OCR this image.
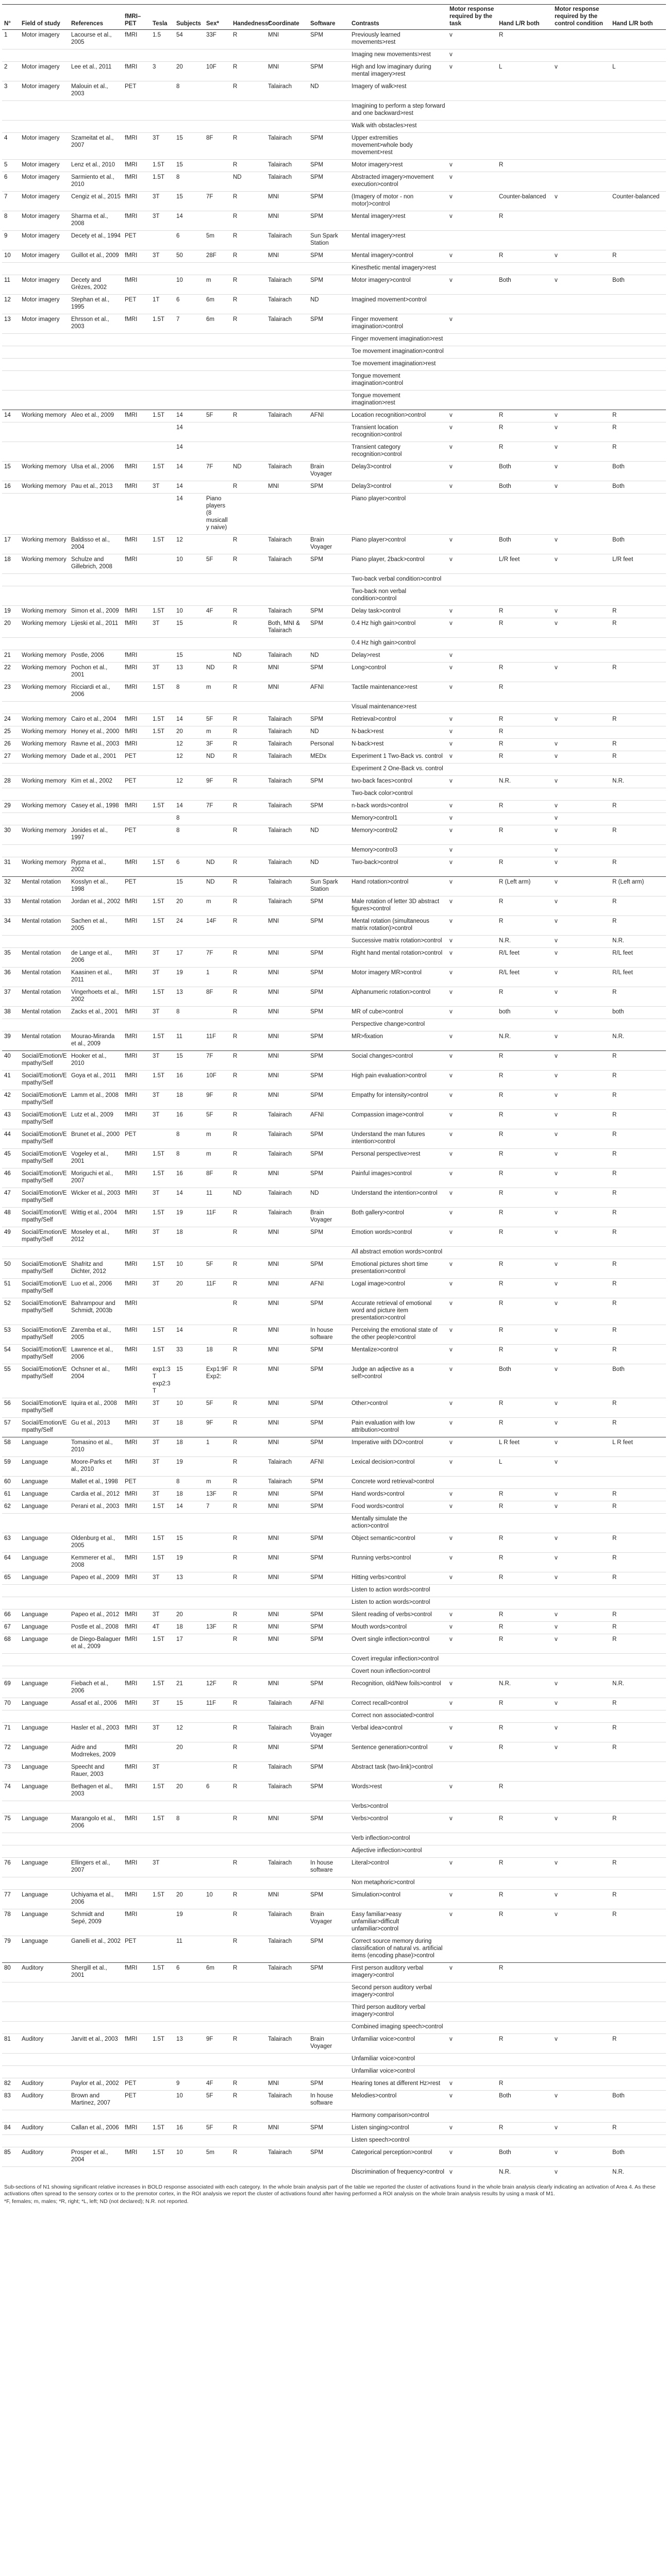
N°	Field of study	References	fMRI–PET	Tesla	Subjects	Sex*	Handedness*	Coordinate	Software	Contrasts	Motor response required by the task	Hand L/R both	Motor response required by the control condition	Hand L/R both
1	Motor imagery	Lacourse et al., 2005	fMRI	1.5	54	33F	R	MNI	SPM	Previously learned movements>rest	v	R		
										Imaging new movements>rest	v			
2	Motor imagery	Lee et al., 2011	fMRI	3	20	10F	R	MNI	SPM	High and low imaginary during mental imagery>rest	v	L	v	L
3	Motor imagery	Malouin et al., 2003	PET		8		R	Talairach	ND	Imagery of walk>rest				
										Imagining to perform a step forward and one backward>rest				
										Walk with obstacles>rest				
4	Motor imagery	Szameitat et al., 2007	fMRI	3T	15	8F	R	Talairach	SPM	Upper extremities movement>whole body movement>rest				
5	Motor imagery	Lenz et al., 2010	fMRI	1.5T	15		R	Talairach	SPM	Motor imagery>rest	v	R		
6	Motor imagery	Sarmiento et al., 2010	fMRI	1.5T	8		ND	Talairach	SPM	Abstracted imagery>movement execution>control	v			
7	Motor imagery	Cengiz et al., 2015	fMRI	3T	15	7F	R	MNI	SPM	(Imagery of motor - non motor)>control	v	Counter-balanced	v	Counter-balanced
8	Motor imagery	Sharma et al., 2008	fMRI	3T	14		R	MNI	SPM	Mental imagery>rest	v	R		
9	Motor imagery	Decety et al., 1994	PET		6	5m	R	Talairach	Sun Spark Station	Mental imagery>rest				
10	Motor imagery	Guillot et al., 2009	fMRI	3T	50	28F	R	MNI	SPM	Mental imagery>control	v	R	v	R
										Kinesthetic mental imagery>rest				
11	Motor imagery	Decety and Grèzes, 2002	fMRI		10	m	R	Talairach	SPM	Motor imagery>control	v	Both	v	Both
12	Motor imagery	Stephan et al., 1995	PET	1T	6	6m	R	Talairach	ND	Imagined movement>control				
13	Motor imagery	Ehrsson et al., 2003	fMRI	1.5T	7	6m	R	Talairach	SPM	Finger movement imagination>control	v			
										Finger movement imagination>rest				
										Toe movement imagination>control				
										Toe movement imagination>rest				
										Tongue movement imagination>control				
										Tongue movement imagination>rest				
14	Working memory	Aleo et al., 2009	fMRI	1.5T	14	5F	R	Talairach	AFNI	Location recognition>control	v	R	v	R
					14					Transient location recognition>control	v	R	v	R
					14					Transient category recognition>control	v	R	v	R
15	Working memory	Ulsa et al., 2006	fMRI	1.5T	14	7F	ND	Talairach	Brain Voyager	Delay3>control	v	Both	v	Both
16	Working memory	Pau et al., 2013	fMRI	3T	14		R	MNI	SPM	Delay3>control	v	Both	v	Both
					14	Piano players (8 musically naive)				Piano player>control				
17	Working memory	Baldisso et al., 2004	fMRI	1.5T	12		R	Talairach	Brain Voyager	Piano player>control	v	Both	v	Both
18	Working memory	Schulze and Gillebrich, 2008	fMRI		10	5F	R	Talairach	SPM	Piano player, 2back>control	v	L/R feet	v	L/R feet
										Two-back verbal condition>control				
										Two-back non verbal condition>control				
19	Working memory	Simon et al., 2009	fMRI	1.5T	10	4F	R	Talairach	SPM	Delay task>control	v	R	v	R
20	Working memory	Lijeski et al., 2011	fMRI	3T	15		R	Both, MNI & Talairach	SPM	0.4 Hz high gain>control	v	R	v	R
										0.4 Hz high gain>control				
21	Working memory	Postle, 2006	fMRI		15		ND	Talairach	ND	Delay>rest	v			
22	Working memory	Pochon et al., 2001	fMRI	3T	13	ND	R	MNI	SPM	Long>control	v	R	v	R
23	Working memory	Ricciardi et al., 2006	fMRI	1.5T	8	m	R	MNI	AFNI	Tactile maintenance>rest	v	R		
										Visual maintenance>rest				
24	Working memory	Cairo et al., 2004	fMRI	1.5T	14	5F	R	Talairach	SPM	Retrieval>control	v	R	v	R
25	Working memory	Honey et al., 2000	fMRI	1.5T	20	m	R	Talairach	ND	N-back>rest	v	R		
26	Working memory	Ravne et al., 2003	fMRI		12	3F	R	Talairach	Personal	N-back>rest	v	R	v	R
27	Working memory	Dade et al., 2001	PET		12	ND	R	Talairach	MEDx	Experiment 1 Two-Back vs. control	v	R	v	R
										Experiment 2 One-Back vs. control				
28	Working memory	Kim et al., 2002	PET		12	9F	R	Talairach	SPM	two-back faces>control	v	N.R.	v	N.R.
										Two-back color>control				
29	Working memory	Casey et al., 1998	fMRI	1.5T	14	7F	R	Talairach	SPM	n-back words>control	v	R	v	R
					8					Memory>control1	v		v	
30	Working memory	Jonides et al., 1997	PET		8		R	Talairach	ND	Memory>control2	v	R	v	R
										Memory>control3	v		v	
31	Working memory	Rypma et al., 2002	fMRI	1.5T	6	ND	R	Talairach	ND	Two-back>control	v	R	v	R
32	Mental rotation	Kosslyn et al., 1998	PET		15	ND	R	Talairach	Sun Spark Station	Hand rotation>control	v	R (Left arm)	v	R (Left arm)
33	Mental rotation	Jordan et al., 2002	fMRI	1.5T	20	m	R	Talairach	SPM	Male rotation of letter 3D abstract figures>control	v	R	v	R
34	Mental rotation	Sachen et al., 2005	fMRI	1.5T	24	14F	R	MNI	SPM	Mental rotation (simultaneous matrix rotation)>control	v	R	v	R
										Successive matrix rotation>control	v	N.R.	v	N.R.
35	Mental rotation	de Lange et al., 2006	fMRI	3T	17	7F	R	MNI	SPM	Right hand mental rotation>control	v	R/L feet	v	R/L feet
36	Mental rotation	Kaasinen et al., 2011	fMRI	3T	19	1	R	MNI	SPM	Motor imagery MR>control	v	R/L feet	v	R/L feet
37	Mental rotation	Vingerhoets et al., 2002	fMRI	1.5T	13	8F	R	MNI	SPM	Alphanumeric rotation>control	v	R	v	R
38	Mental rotation	Zacks et al., 2001	fMRI	3T	8		R	MNI	SPM	MR of cube>control	v	both	v	both
										Perspective change>control				
39	Mental rotation	Mourao-Miranda et al., 2009	fMRI	1.5T	11	11F	R	MNI	SPM	MR>fixation	v	N.R.	v	N.R.
40	Social/Emotion/Empathy/Self	Hooker et al., 2010	fMRI	3T	15	7F	R	MNI	SPM	Social changes>control	v	R	v	R
41	Social/Emotion/Empathy/Self	Goya et al., 2011	fMRI	1.5T	16	10F	R	MNI	SPM	High pain evaluation>control	v	R	v	R
42	Social/Emotion/Empathy/Self	Lamm et al., 2008	fMRI	3T	18	9F	R	MNI	SPM	Empathy for intensity>control	v	R	v	R
43	Social/Emotion/Empathy/Self	Lutz et al., 2009	fMRI	3T	16	5F	R	Talairach	AFNI	Compassion image>control	v	R	v	R
44	Social/Emotion/Empathy/Self	Brunet et al., 2000	PET		8	m	R	Talairach	SPM	Understand the man futures intention>control	v	R	v	R
45	Social/Emotion/Empathy/Self	Vogeley et al., 2001	fMRI	1.5T	8	m	R	Talairach	SPM	Personal perspective>rest	v	R	v	R
46	Social/Emotion/Empathy/Self	Moriguchi et al., 2007	fMRI	1.5T	16	8F	R	MNI	SPM	Painful images>control	v	R	v	R
47	Social/Emotion/Empathy/Self	Wicker et al., 2003	fMRI	3T	14	11	ND	Talairach	ND	Understand the intention>control	v	R	v	R
48	Social/Emotion/Empathy/Self	Wittig et al., 2004	fMRI	1.5T	19	11F	R	Talairach	Brain Voyager	Both gallery>control	v	R	v	R
49	Social/Emotion/Empathy/Self	Moseley et al., 2012	fMRI	3T	18		R	MNI	SPM	Emotion words>control	v	R	v	R
										All abstract emotion words>control				
50	Social/Emotion/Empathy/Self	Shafritz and Dichter, 2012	fMRI	1.5T	10	5F	R	MNI	SPM	Emotional pictures short time presentation>control	v	R	v	R
51	Social/Emotion/Empathy/Self	Luo et al., 2006	fMRI	3T	20	11F	R	MNI	AFNI	Logal image>control	v	R	v	R
52	Social/Emotion/Empathy/Self	Bahrampour and Schmidt, 2003b	fMRI				R	MNI	SPM	Accurate retrieval of emotional word and picture item presentation>control	v	R	v	R
53	Social/Emotion/Empathy/Self	Zaremba et al., 2005	fMRI	1.5T	14		R	MNI	In house software	Perceiving the emotional state of the other people>control	v	R	v	R
54	Social/Emotion/Empathy/Self	Lawrence et al., 2006	fMRI	1.5T	33	18	R	MNI	SPM	Mentalize>control	v	R	v	R
55	Social/Emotion/Empathy/Self	Ochsner et al., 2004	fMRI	exp1:3T exp2:3T	15	Exp1:9F Exp2:	R	MNI	SPM	Judge an adjective as a self>control	v	Both	v	Both
56	Social/Emotion/Empathy/Self	Iquira et al., 2008	fMRI	3T	10	5F	R	MNI	SPM	Other>control	v	R	v	R
57	Social/Emotion/Empathy/Self	Gu et al., 2013	fMRI	3T	18	9F	R	MNI	SPM	Pain evaluation with low attribution>control	v	R	v	R
58	Language	Tomasino et al., 2010	fMRI	3T	18	1	R	MNI	SPM	Imperative with DO>control	v	L R feet	v	L R feet
59	Language	Moore-Parks et al., 2010	fMRI	3T	19		R	Talairach	AFNI	Lexical decision>control	v	L	v	
60	Language	Mallet et al., 1998	PET		8	m	R	Talairach	SPM	Concrete word retrieval>control				
61	Language	Cardia et al., 2012	fMRI	3T	18	13F	R	MNI	SPM	Hand words>control	v	R	v	R
62	Language	Perani et al., 2003	fMRI	1.5T	14	7	R	MNI	SPM	Food words>control	v	R	v	R
										Mentally simulate the action>control				
63	Language	Oldenburg et al., 2005	fMRI	1.5T	15		R	MNI	SPM	Object semantic>control	v	R	v	R
64	Language	Kemmerer et al., 2008	fMRI	1.5T	19		R	MNI	SPM	Running verbs>control	v	R	v	R
65	Language	Papeo et al., 2009	fMRI	3T	13		R	MNI	SPM	Hitting verbs>control	v	R	v	R
										Listen to action words>control				
										Listen to action words>control				
66	Language	Papeo et al., 2012	fMRI	3T	20		R	MNI	SPM	Silent reading of verbs>control	v	R	v	R
67	Language	Postle et al., 2008	fMRI	4T	18	13F	R	MNI	SPM	Mouth words>control	v	R	v	R
68	Language	de Diego-Balaguer et al., 2009	fMRI	1.5T	17		R	MNI	SPM	Overt single inflection>control	v	R	v	R
										Covert irregular inflection>control				
										Covert noun inflection>control				
69	Language	Fiebach et al., 2006	fMRI	1.5T	21	12F	R	MNI	SPM	Recognition, old/New foils>control	v	N.R.	v	N.R.
70	Language	Assaf et al., 2006	fMRI	3T	15	11F	R	Talairach	AFNI	Correct recall>control	v	R	v	R
										Correct non associated>control				
71	Language	Hasler et al., 2003	fMRI	3T	12		R	Talairach	Brain Voyager	Verbal idea>control	v	R	v	R
72	Language	Aidre and Modrrekes, 2009	fMRI		20		R	MNI	SPM	Sentence generation>control	v	R	v	R
73	Language	Speecht and Rauer, 2003	fMRI	3T			R	Talairach	SPM	Abstract task (two-link)>control				
74	Language	Bethagen et al., 2003	fMRI	1.5T	20	6	R	Talairach	SPM	Words>rest	v	R		
										Verbs>control				
75	Language	Marangolo et al., 2006	fMRI	1.5T	8		R	MNI	SPM	Verbs>control	v	R	v	R
										Verb inflection>control				
										Adjective inflection>control				
76	Language	Ellingers et al., 2007	fMRI	3T			R	Talairach	In house software	Literal>control	v	R	v	R
										Non metaphoric>control				
77	Language	Uchiyama et al., 2006	fMRI	1.5T	20	10	R	MNI	SPM	Simulation>control	v	R	v	R
78	Language	Schmidt and Sepé, 2009	fMRI		19		R	Talairach	Brain Voyager	Easy familiar>easy unfamiliar>difficult unfamiliar>control	v	R	v	R
79	Language	Ganelli et al., 2002	PET		11		R	Talairach	SPM	Correct source memory during classification of natural vs. artificial items (encoding phase)>control				
80	Auditory	Shergill et al., 2001	fMRI	1.5T	6	6m	R	Talairach	SPM	First person auditory verbal imagery>control	v	R		
										Second person auditory verbal imagery>control				
										Third person auditory verbal imagery>control				
										Combined imaging speech>control				
81	Auditory	Jarvitt et al., 2003	fMRI	1.5T	13	9F	R	Talairach	Brain Voyager	Unfamiliar voice>control	v	R	v	R
										Unfamiliar voice>control				
										Unfamiliar voice>control				
82	Auditory	Paylor et al., 2002	PET		9	4F	R	MNI	SPM	Hearing tones at different Hz>rest	v	R		
83	Auditory	Brown and Martinez, 2007	PET		10	5F	R	Talairach	In house software	Melodies>control	v	Both	v	Both
										Harmony comparison>control				
84	Auditory	Callan et al., 2006	fMRI	1.5T	16	5F	R	MNI	SPM	Listen singing>control	v	R	v	R
										Listen speech>control				
85	Auditory	Prosper et al., 2004	fMRI	1.5T	10	5m	R	Talairach	SPM	Categorical perception>control	v	Both	v	Both
										Discrimination of frequency>control	v	N.R.	v	N.R.
Sub-sections of N1 showing significant relative increases in BOLD response associated with each category. In the whole brain analysis part of the table we reported the cluster of activations found in the whole brain analysis clearly indicating an activation of Area 4. As these activations often spread to the sensory cortex or to the premotor cortex, in the ROI analysis we report the cluster of activations found after having performed a ROI analysis on the whole brain analysis results by using a mask of M1.
*F, females; m, males; *R, right; *L, left; ND (not declared); N.R. not reported.
